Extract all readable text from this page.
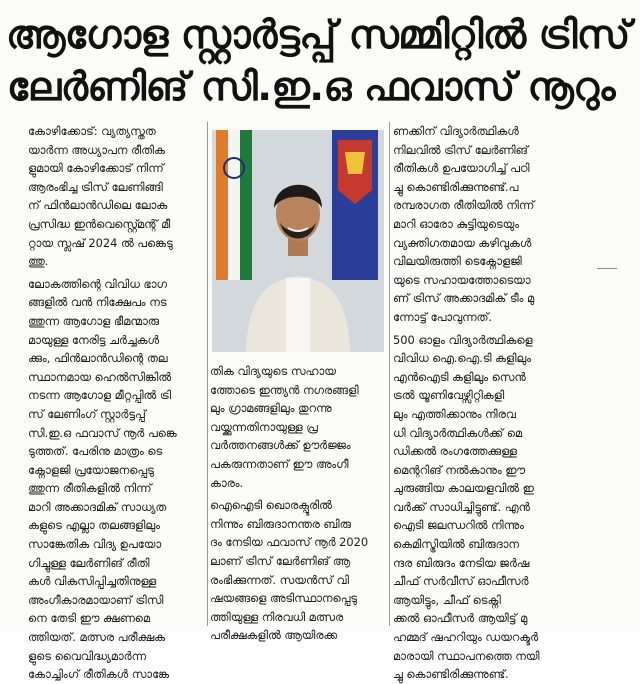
ആഗോള സ്റ്റാർട്ടപ്പ് സമ്മിറ്റിൽ ട്രിസ്
ലേർണിങ് സി.ഇ.ഒ ഫവാസ് നൂറും

കോഴിക്കോട്: വ്യത്യസ്തത
യാർന്ന അധ്യാപന രീതിക
ളുമായി കോഴിക്കോട് നിന്ന്
ആരംഭിച്ച ട്രിസ് ലേണിങ്ങി
ന് ഫിൻലാൻഡിലെ ലോക
പ്രസിദ്ധ ഇൻവെസ്റ്റ്മെന്റ് മീ
റ്റായ സ്ലഷ് 2024 ൽ പങ്കെടു
ത്തു.

ലോകത്തിന്റെ വിവിധ ഭാഗ
ങ്ങളിൽ വൻ നിക്ഷേപം നട
ത്തുന്ന ആഗോള ഭീമന്മാരു
മായുള്ള നേരിട്ട ചർച്ചകൾ
ക്കും, ഫിൻലാൻഡിന്റെ തല
സ്ഥാനമായ ഹെൽസിങ്കിൽ
നടന്ന ആഗോള മീറ്റപ്പിൽ ട്രി
സ് ലേണിംഗ് സ്റ്റാർട്ടപ്പ്
സി.ഇ.ഒ ഫവാസ് നൂർ പങ്കെ
ടുത്തത്. പേരിനു മാത്രം ടെ
ക്നോളജി പ്രയോജനപ്പെടു
ത്തുന്ന രീതികളിൽ നിന്ന്
മാറി അക്കാദമിക് സാധ്യത
കളുടെ എല്ലാ തലങ്ങളിലും
സാങ്കേതിക വിദ്യ ഉപയോ
ഗിച്ചുള്ള ലേർണിങ് രീതി
കൾ വികസിപ്പിച്ചതിനുള്ള
അംഗീകാരമായാണ് ട്രിസി
നെ തേടി ഈ ക്ഷണമെ
ത്തിയത്. മത്സര പരീക്ഷക
ളുടെ വൈവിദ്ധ്യമാർന്ന
കോച്ചിംഗ് രീതികൾ സാങ്കേ

തിക വിദ്യയുടെ സഹായ
ത്തോടെ ഇന്ത്യൻ നഗരങ്ങളി
ലും ഗ്രാമങ്ങളിലും തുറന്നു
വയ്ക്കുന്നതിനായുള്ള പ്ര
വർത്തനങ്ങൾക്ക് ഊർജ്ജം
പകരുന്നതാണ് ഈ അംഗീ
കാരം.

ഐഐടി ഖൊരക്പൂരിൽ
നിന്നും ബിരുദാനന്തര ബിരു
ദം നേടിയ ഫവാസ് നൂർ 2020
ലാണ് ട്രിസ് ലേർണിങ് ആ
രംഭിക്കുന്നത്. സയൻസ് വി
ഷയങ്ങളെ അടിസ്ഥാനപ്പെടു
ത്തിയുള്ള നിരവധി മത്സര
പരീക്ഷകളിൽ ആയിരക്ക

ണക്കിന് വിദ്യാർത്ഥികൾ
നിലവിൽ ട്രിസ് ലേർണിങ്
രീതികൾ ഉപയോഗിച്ച് പഠി
ച്ചു കൊണ്ടിരിക്കുന്നുണ്ട്.പ
രമ്പരാഗത രീതിയിൽ നിന്ന്
മാറി ഓരോ കുട്ടിയുടെയും
വ്യക്തിഗതമായ കഴിവുകൾ
വിലയിരുത്തി ടെക്നോളജി
യുടെ സഹായത്തോടെയാ
ണ് ട്രിസ് അക്കാദമിക് ടീം മു
ന്നോട്ട് പോവുന്നത്.

500 ഓളം വിദ്യാർത്ഥികളെ
വിവിധ ഐ.ഐ.ടി കളിലും
എൻഐടി കളിലും സെൻ
ട്രൽ യൂണിവേഴ്സിറ്റികളി
ലും എത്തിക്കാനും നിരവ
ധി വിദ്യാർത്ഥികൾക്ക് മെ
ഡിക്കൽ രംഗത്തേക്കുള്ള
മെന്ററിങ് നൽകാനും ഈ
ചുരുങ്ങിയ കാലയളവിൽ ഇ
വർക്ക് സാധിച്ചിട്ടുണ്ട്. എൻ
ഐടി ജലന്ധറിൽ നിന്നും
കെമിസ്ട്രിയിൽ ബിരുദാന
ന്ദര ബിരുദം നേടിയ ജർഷ
ചീഫ് സർവീസ് ഓഫീസർ
ആയിട്ടും, ചീഫ് ടെക്നി
ക്കൽ ഓഫീസർ ആയിട്ട് മു
ഹമ്മദ് ഷഹറിയും ഡയറക്ടർ
മാരായി സ്ഥാപനത്തെ നയി
ച്ചു കൊണ്ടിരിക്കുന്നുണ്ട്.
